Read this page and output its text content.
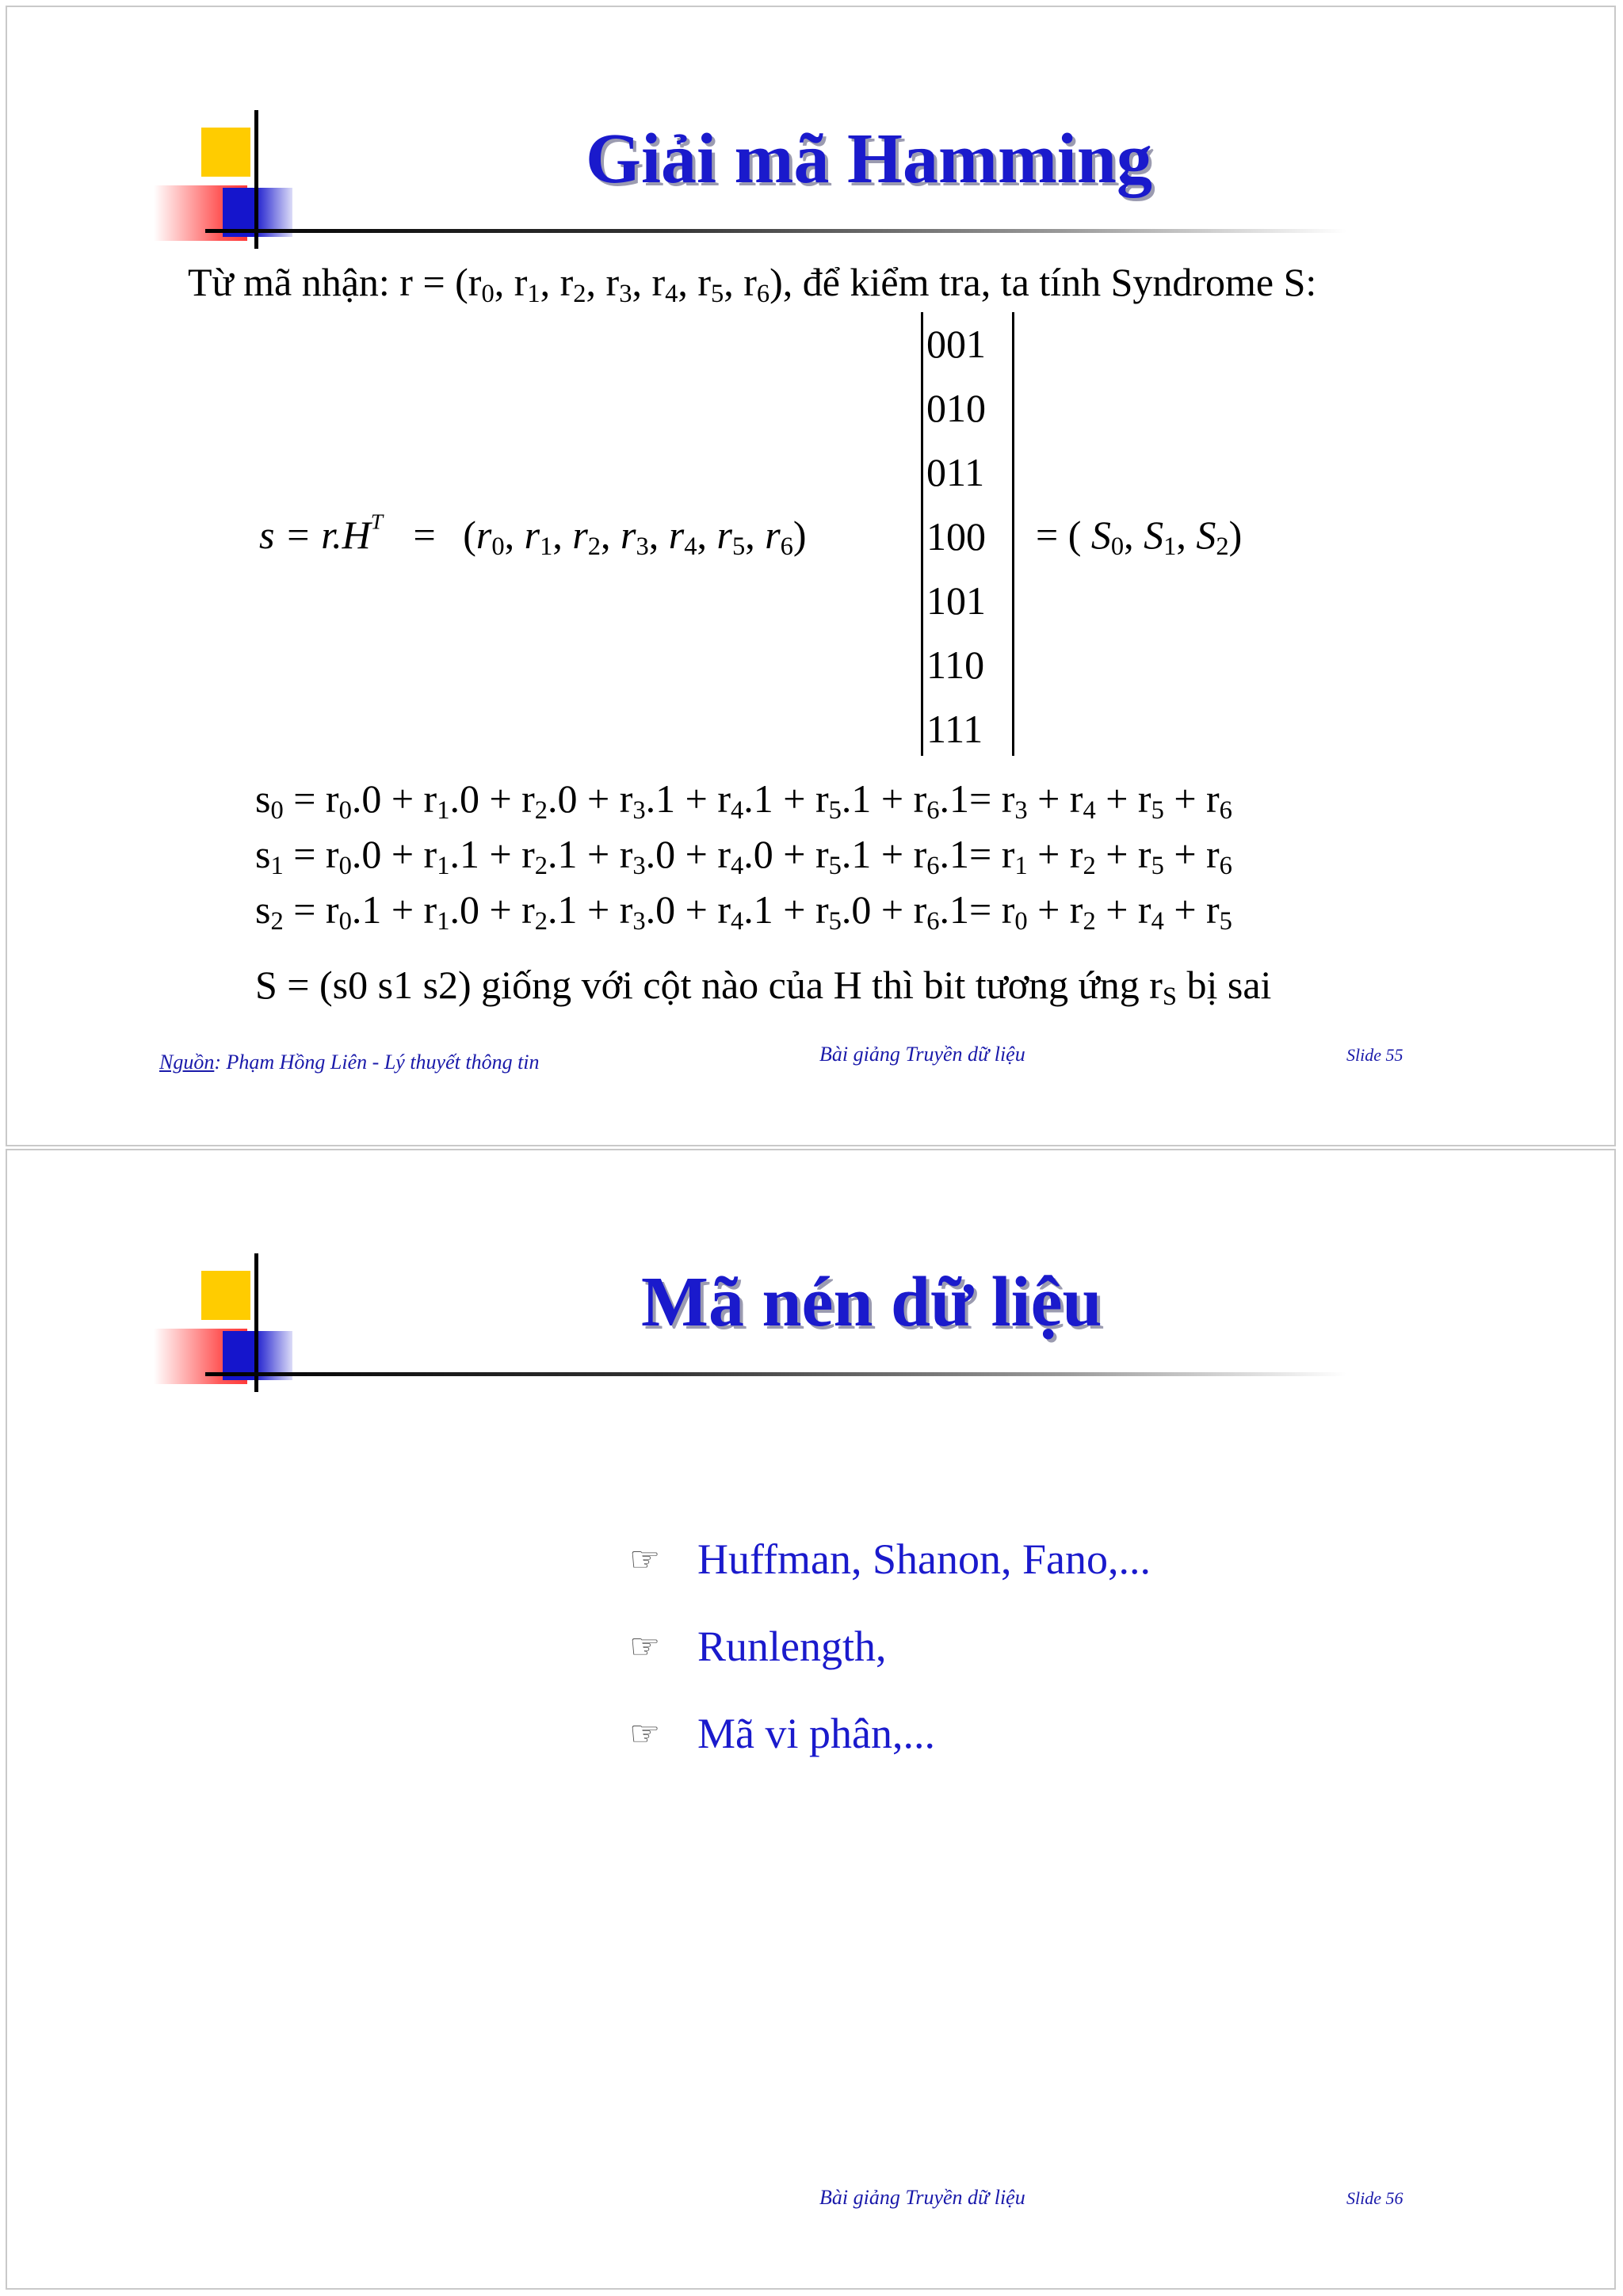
Giải mã Hamming
Từ mã nhận: $r = (r_0$, $r_1$, $r_2$, $r_3$, $r_4$, $r_5$, $r_6$), để kiểm tra, ta tính Syndrome S:
$s = r.H^T = (r_0$, $r_1$, $r_2$, $r_3$, $r_4$, $r_5$, $r_6$)
001
010
011
100
101
110
111
= ( $S_0$, $S_1$, $S_2$)
$s_0 = r_0.0 + r_1.0 + r_2.0 + r_3.1 + r_4.1 + r_5.1 + r_6.1= r_3 + r_4 + r_5 + r_6$
$s_1 = r_0.0 + r_1.1 + r_2.1 + r_3.0 + r_4.0 + r_5.1 + r_6.1= r_1 + r_2 + r_5 + r_6$
$s_2 = r_0.1 + r_1.0 + r_2.1 + r_3.0 + r_4.1 + r_5.0 + r_6.1= r_0 + r_2 + r_4 + r_5$
S = (s0 s1 s2) giống với cột nào của H thì bit tương ứng $r_S$ bị sai
Nguồn: Phạm Hồng Liên - Lý thuyết thông tin	Bài giảng Truyền dữ liệu	Slide 55
Mã nén dữ liệu
☞ Huffman, Shanon, Fano,...
☞ Runlength,
☞ Mã vi phân,...
Bài giảng Truyền dữ liệu	Slide 56
